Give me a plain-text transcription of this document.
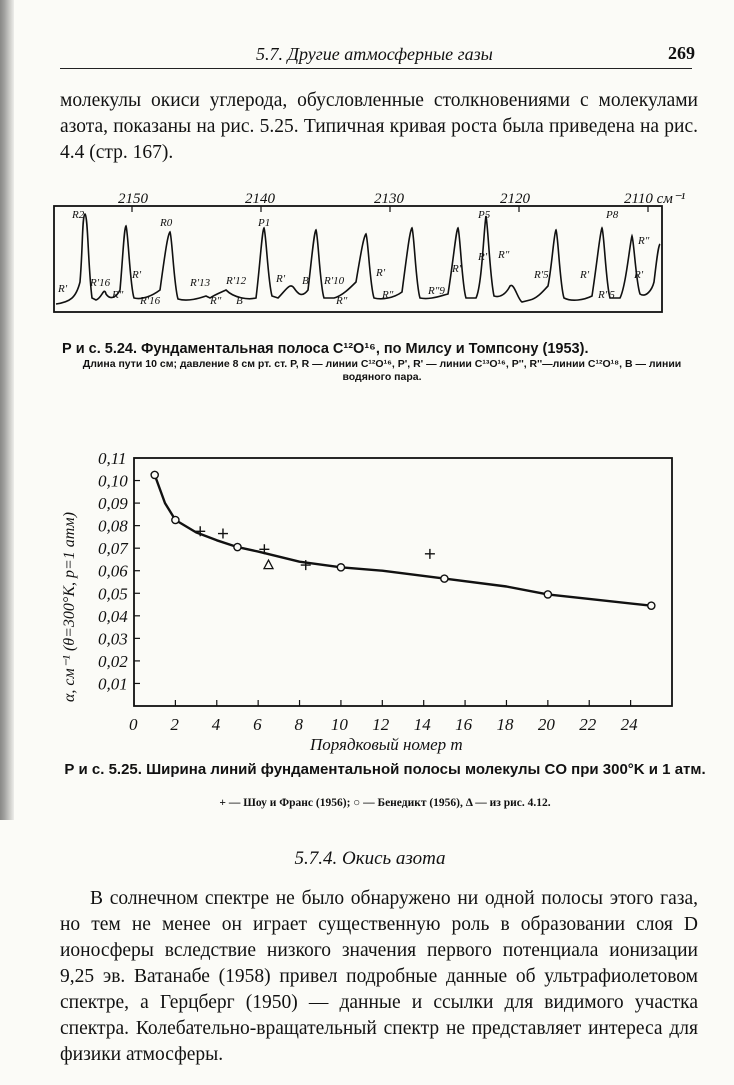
5.7. Другие атмосферные газы	269
молекулы окиси углерода, обусловленные столкновениями с молекулами азота, показаны на рис. 5.25. Типичная кривая роста была приведена на рис. 4.4 (стр. 167).
2150	2140	2130	2120	2110 см⁻¹
R2
R0	P1
P5	P8
R' R'16
R'16
R'
R"
R'13 R'12
R" B
R' B R'10
R"
R'
R"
R'
R"9
R' R"
R'5	R'
R"5
R"
R'
Р и с. 5.24. Фундаментальная полоса C¹²O¹⁶, по Милсу и Томпсону (1953).
Длина пути 10 см; давление 8 см рт. ст. P, R — линии C¹²O¹⁶, P', R' — линии C¹³O¹⁶, P'', R''—линии C¹²O¹⁸, B — линии водяного пара.
0,11
0,10
0,09
0,08
0,07
0,06
0,05
0,04
0,03
0,02
0,01
0 2 4 6 8 10 12 14 16 18 20 22 24
Порядковый номер m
α, см⁻¹ (θ=300°K, p=1 атм)
Р и с. 5.25. Ширина линий фундаментальной полосы молекулы CO при 300°K и 1 атм.
+ — Шоу и Франс (1956); ○ — Бенедикт (1956), Δ — из рис. 4.12.
5.7.4. Окись азота
В солнечном спектре не было обнаружено ни одной полосы этого газа, но тем не менее он играет существенную роль в образовании слоя D ионосферы вследствие низкого значения первого потенциала ионизации 9,25 эв. Ватанабе (1958) привел подробные данные об ультрафиолетовом спектре, а Герцберг (1950) — данные и ссылки для видимого участка спектра. Колебательно-вращательный спектр не представляет интереса для физики атмосферы.
